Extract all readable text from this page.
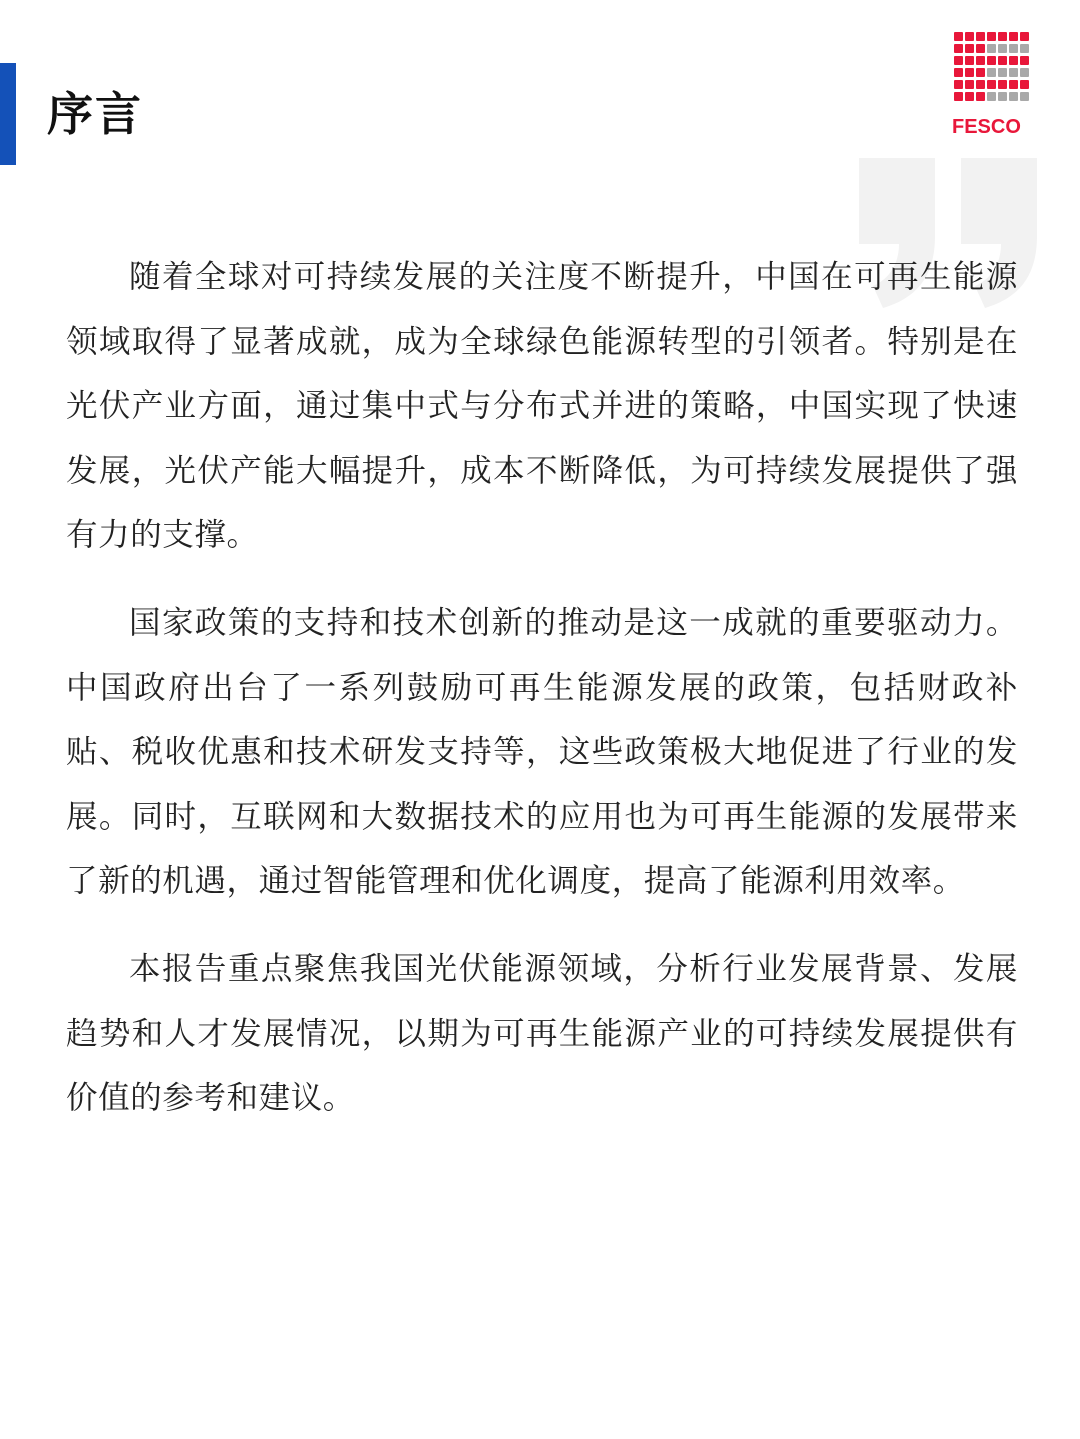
序言	FESCO

随着全球对可持续发展的关注度不断提升，中国在可再生能源领域取得了显著成就，成为全球绿色能源转型的引领者。特别是在光伏产业方面，通过集中式与分布式并进的策略，中国实现了快速发展，光伏产能大幅提升，成本不断降低，为可持续发展提供了强有力的支撑。

国家政策的支持和技术创新的推动是这一成就的重要驱动力。中国政府出台了一系列鼓励可再生能源发展的政策，包括财政补贴、税收优惠和技术研发支持等，这些政策极大地促进了行业的发展。同时，互联网和大数据技术的应用也为可再生能源的发展带来了新的机遇，通过智能管理和优化调度，提高了能源利用效率。

本报告重点聚焦我国光伏能源领域，分析行业发展背景、发展趋势和人才发展情况，以期为可再生能源产业的可持续发展提供有价值的参考和建议。
